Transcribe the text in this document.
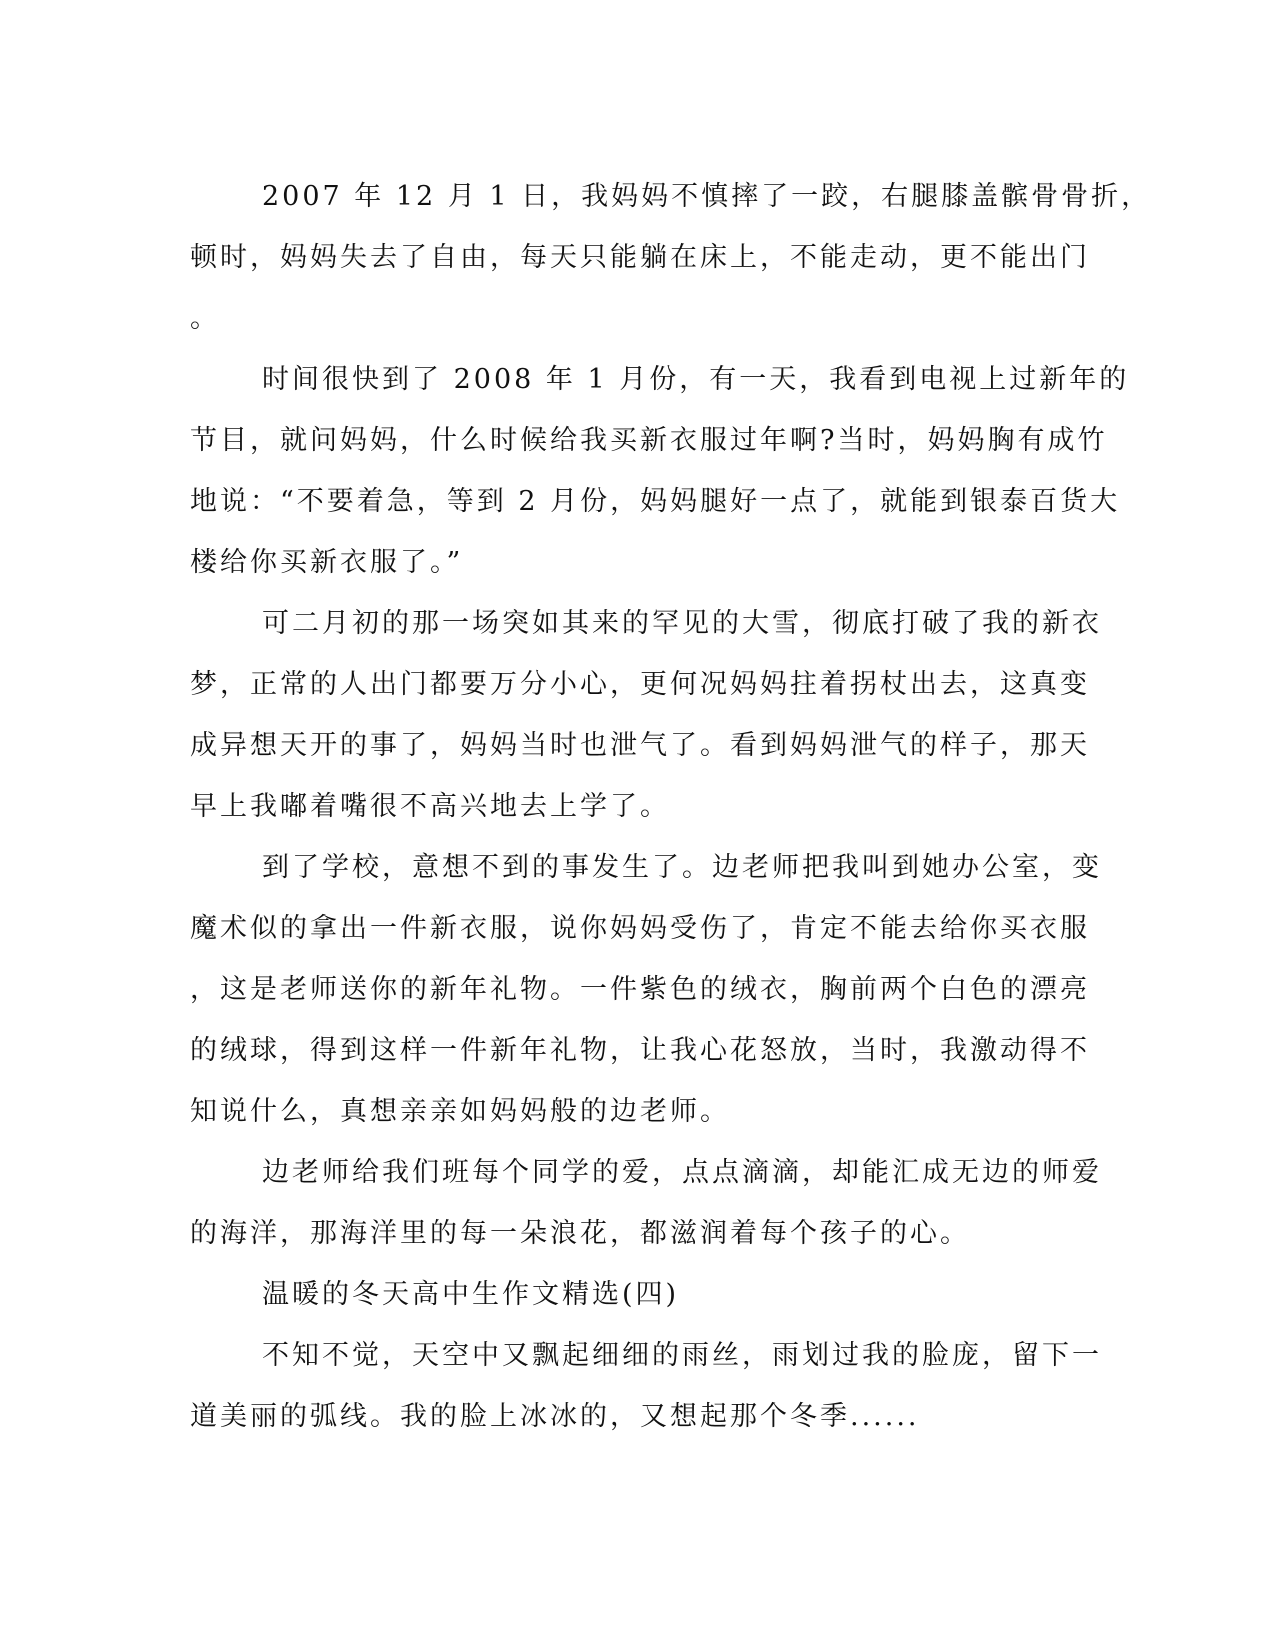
2007 年 12 月 1 日，我妈妈不慎摔了一跤，右腿膝盖髌骨骨折，
顿时，妈妈失去了自由，每天只能躺在床上，不能走动，更不能出门
。
时间很快到了 2008 年 1 月份，有一天，我看到电视上过新年的
节目，就问妈妈，什么时候给我买新衣服过年啊?当时，妈妈胸有成竹
地说：“不要着急，等到 2 月份，妈妈腿好一点了，就能到银泰百货大
楼给你买新衣服了。”
可二月初的那一场突如其来的罕见的大雪，彻底打破了我的新衣
梦，正常的人出门都要万分小心，更何况妈妈拄着拐杖出去，这真变
成异想天开的事了，妈妈当时也泄气了。看到妈妈泄气的样子，那天
早上我嘟着嘴很不高兴地去上学了。
到了学校，意想不到的事发生了。边老师把我叫到她办公室，变
魔术似的拿出一件新衣服，说你妈妈受伤了，肯定不能去给你买衣服
，这是老师送你的新年礼物。一件紫色的绒衣，胸前两个白色的漂亮
的绒球，得到这样一件新年礼物，让我心花怒放，当时，我激动得不
知说什么，真想亲亲如妈妈般的边老师。
边老师给我们班每个同学的爱，点点滴滴，却能汇成无边的师爱
的海洋，那海洋里的每一朵浪花，都滋润着每个孩子的心。
温暖的冬天高中生作文精选(四)
不知不觉，天空中又飘起细细的雨丝，雨划过我的脸庞，留下一
道美丽的弧线。我的脸上冰冰的，又想起那个冬季......
